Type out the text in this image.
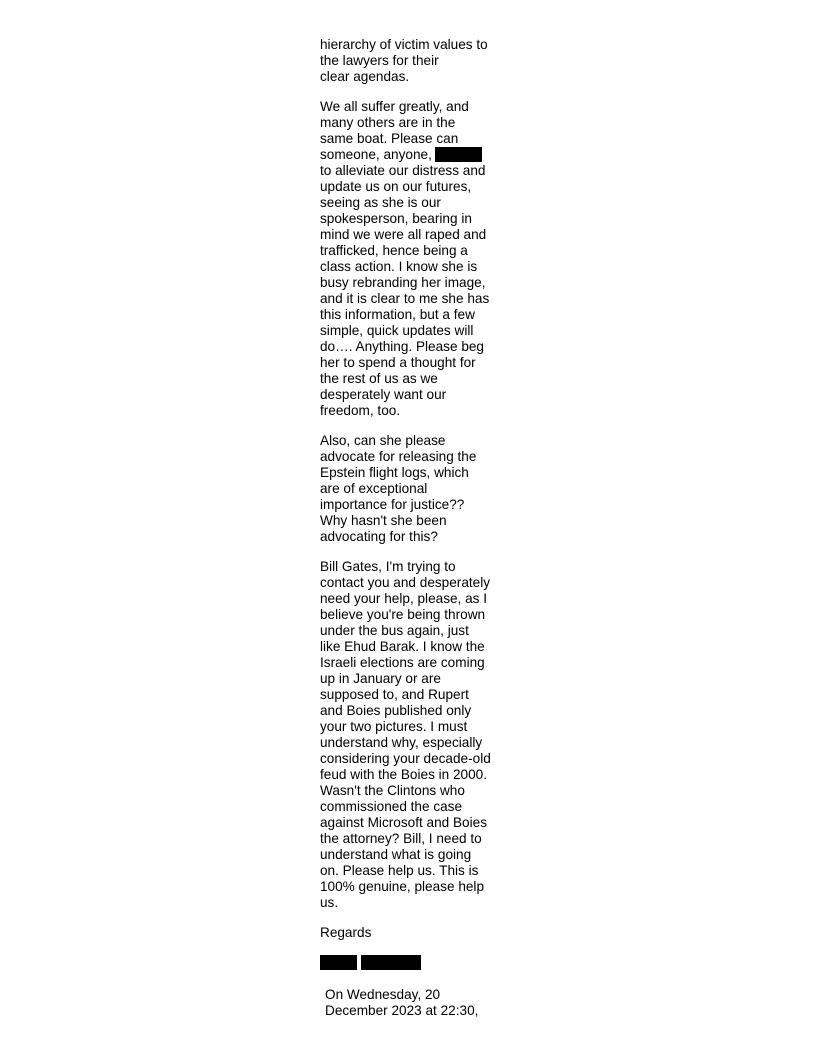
hierarchy of victim values to
the lawyers for their
clear agendas.
We all suffer greatly, and
many others are in the
same boat. Please can
someone, anyone,
to alleviate our distress and
update us on our futures,
seeing as she is our
spokesperson, bearing in
mind we were all raped and
trafficked, hence being a
class action. I know she is
busy rebranding her image,
and it is clear to me she has
this information, but a few
simple, quick updates will
do…. Anything. Please beg
her to spend a thought for
the rest of us as we
desperately want our
freedom, too.
Also, can she please
advocate for releasing the
Epstein flight logs, which
are of exceptional
importance for justice??
Why hasn't she been
advocating for this?
Bill Gates, I'm trying to
contact you and desperately
need your help, please, as I
believe you're being thrown
under the bus again, just
like Ehud Barak. I know the
Israeli elections are coming
up in January or are
supposed to, and Rupert
and Boies published only
your two pictures. I must
understand why, especially
considering your decade-old
feud with the Boies in 2000.
Wasn't the Clintons who
commissioned the case
against Microsoft and Boies
the attorney? Bill, I need to
understand what is going
on. Please help us. This is
100% genuine, please help
us.
Regards
On Wednesday, 20
December 2023 at 22:30,
